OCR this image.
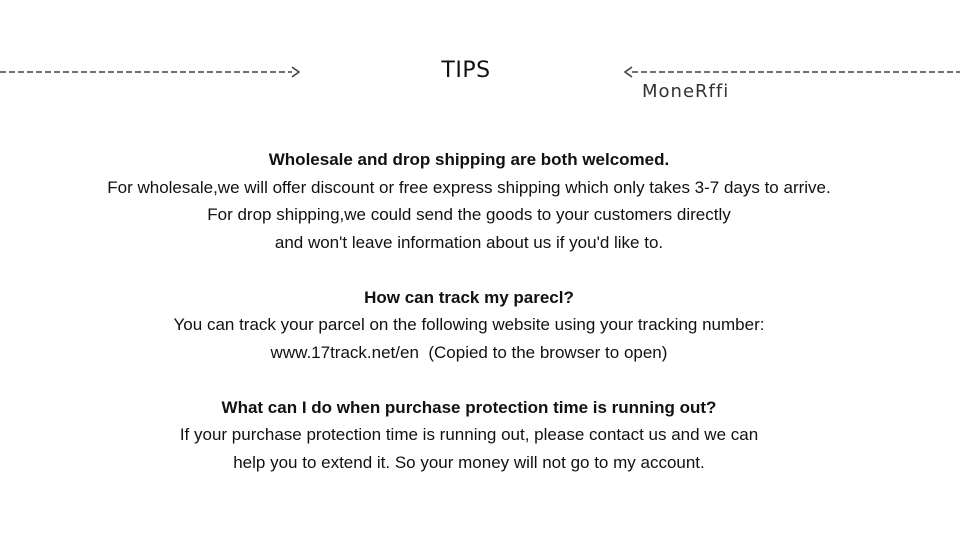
TIPS
MoneRffi
Wholesale and drop shipping are both welcomed.
For wholesale,we will offer discount or free express shipping which only takes 3-7 days to arrive.
For drop shipping,we could send the goods to your customers directly
and won't leave information about us if you'd like to.
How can track my parecl?
You can track your parcel on the following website using your tracking number:
www.17track.net/en  (Copied to the browser to open)
What can I do when purchase protection time is running out?
If your purchase protection time is running out, please contact us and we can
help you to extend it. So your money will not go to my account.
